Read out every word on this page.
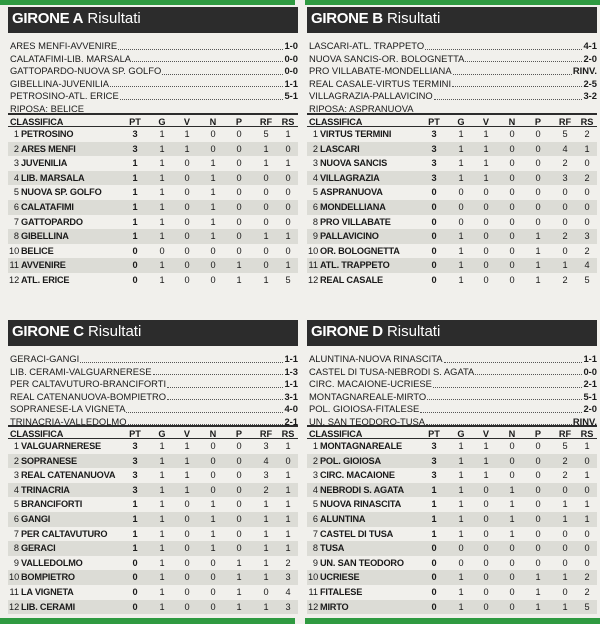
GIRONE A Risultati
ARES MENFI-AVVENIRE	1-0
CALATAFIMI-LIB. MARSALA	0-0
GATTOPARDO-NUOVA SP. GOLFO	0-0
GIBELLINA-JUVENILIA	1-1
PETROSINO-ATL. ERICE	5-1
RIPOSA: BELICE
CLASSIFICA	PT	G	V	N	P	RF RS
1 PETROSINO	3	1	1	0	0	5	1
2 ARES MENFI	3	1	1	0	0	1	0
3 JUVENILIA	1	1	0	1	0	1	1
4 LIB. MARSALA	1	1	0	1	0	0	0
5 NUOVA SP. GOLFO	1	1	0	1	0	0	0
6 CALATAFIMI	1	1	0	1	0	0	0
7 GATTOPARDO	1	1	0	1	0	0	0
8 GIBELLINA	1	1	0	1	0	1	1
10 BELICE	0	0	0	0	0	0	0
11 AVVENIRE	0	1	0	0	1	0	1
12 ATL. ERICE	0	1	0	0	1	1	5
GIRONE B Risultati
LASCARI-ATL. TRAPPETO	4-1
NUOVA SANCIS-OR. BOLOGNETTA	2-0
PRO VILLABATE-MONDELLIANA	RINV.
REAL CASALE-VIRTUS TERMINI	2-5
VILLAGRAZIA-PALLAVICINO	3-2
RIPOSA: ASPRANUOVA
CLASSIFICA	PT	G	V	N	P	RF RS
1 VIRTUS TERMINI	3	1	1	0	0	5	2
2 LASCARI	3	1	1	0	0	4	1
3 NUOVA SANCIS	3	1	1	0	0	2	0
4 VILLAGRAZIA	3	1	1	0	0	3	2
5 ASPRANUOVA	0	0	0	0	0	0	0
6 MONDELLIANA	0	0	0	0	0	0	0
8 PRO VILLABATE	0	0	0	0	0	0	0
9 PALLAVICINO	0	1	0	0	1	2	3
10 OR. BOLOGNETTA	0	1	0	0	1	0	2
11 ATL. TRAPPETO	0	1	0	0	1	1	4
12 REAL CASALE	0	1	0	0	1	2	5
GIRONE C Risultati
GERACI-GANGI	1-1
LIB. CERAMI-VALGUARNERESE	1-3
PER CALTAVUTURO-BRANCIFORTI	1-1
REAL CATENANUOVA-BOMPIETRO	3-1
SOPRANESE-LA VIGNETA	4-0
TRINACRIA-VALLEDOLMO	2-1
CLASSIFICA	PT	G	V	N	P	RF RS
1 VALGUARNERESE	3	1	1	0	0	3	1
2 SOPRANESE	3	1	1	0	0	4	0
3 REAL CATENANUOVA	3	1	1	0	0	3	1
4 TRINACRIA	3	1	1	0	0	2	1
5 BRANCIFORTI	1	1	0	1	0	1	1
6 GANGI	1	1	0	1	0	1	1
7 PER CALTAVUTURO	1	1	0	1	0	1	1
8 GERACI	1	1	0	1	0	1	1
9 VALLEDOLMO	0	1	0	0	1	1	2
10 BOMPIETRO	0	1	0	0	1	1	3
11 LA VIGNETA	0	1	0	0	1	0	4
12 LIB. CERAMI	0	1	0	0	1	1	3
GIRONE D Risultati
ALUNTINA-NUOVA RINASCITA	1-1
CASTEL DI TUSA-NEBRODI S. AGATA	0-0
CIRC. MACAIONE-UCRIESE	2-1
MONTAGNAREALE-MIRTO	5-1
POL. GIOIOSA-FITALESE	2-0
UN. SAN TEODORO-TUSA	RINV.
CLASSIFICA	PT	G	V	N	P	RF RS
1 MONTAGNAREALE	3	1	1	0	0	5	1
2 POL. GIOIOSA	3	1	1	0	0	2	0
3 CIRC. MACAIONE	3	1	1	0	0	2	1
4 NEBRODI S. AGATA	1	1	0	1	0	0	0
5 NUOVA RINASCITA	1	1	0	1	0	1	1
6 ALUNTINA	1	1	0	1	0	1	1
7 CASTEL DI TUSA	1	1	0	1	0	0	0
8 TUSA	0	0	0	0	0	0	0
9 UN. SAN TEODORO	0	0	0	0	0	0	0
10 UCRIESE	0	1	0	0	1	1	2
11 FITALESE	0	1	0	0	1	0	2
12 MIRTO	0	1	0	0	1	1	5
